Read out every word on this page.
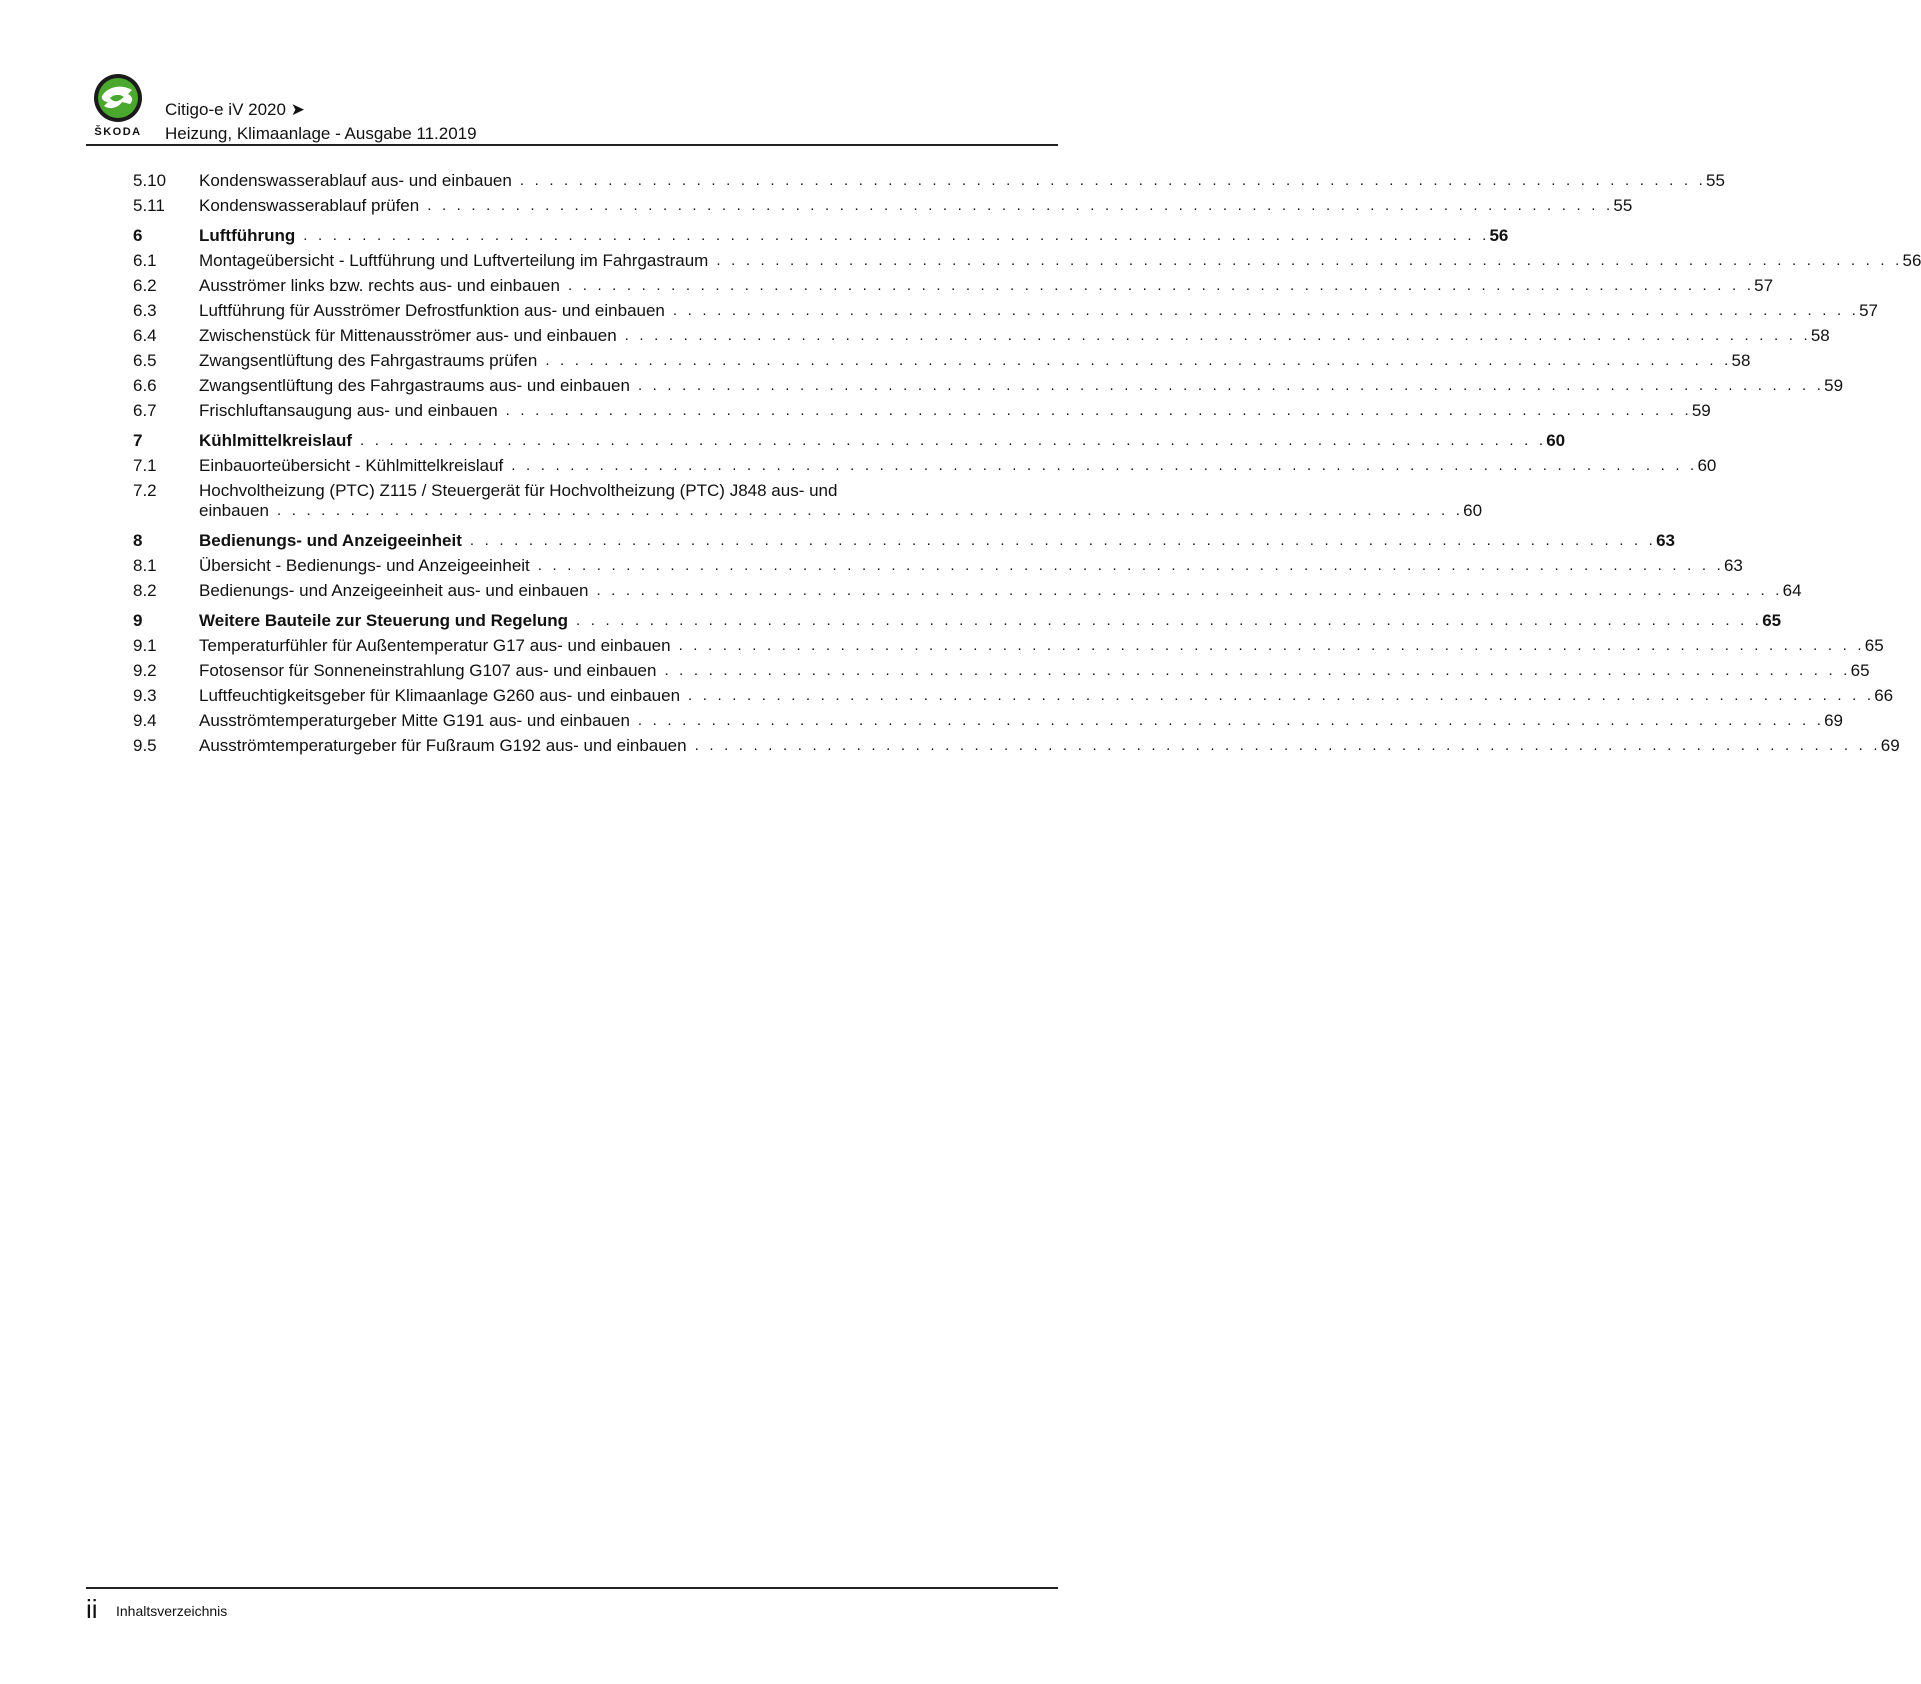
ŠKODA
Citigo-e iV 2020 ➤
Heizung, Klimaanlage - Ausgabe 11.2019
5.10 Kondenswasserablauf aus- und einbauen . . . . . . . . . . . . . . . . . . . . . . . . . . . . . . . . . . . . . . . . . . . . . . . . . . . . . . . . . . . . . . . . . . . . . . . . . . . . . . . . . 55
5.11 Kondenswasserablauf prüfen . . . . . . . . . . . . . . . . . . . . . . . . . . . . . . . . . . . . . . . . . . . . . . . . . . . . . . . . . . . . . . . . . . . . . . . . . . . . . . . . . 55
6	Luftführung . . . . . . . . . . . . . . . . . . . . . . . . . . . . . . . . . . . . . . . . . . . . . . . . . . . . . . . . . . . . . . . . . . . . . . . . . . . . . . . . . 56
6.1 Montageübersicht - Luftführung und Luftverteilung im Fahrgastraum . . . . . . . . . . . . . . . . . . . . . . . . . . . . . . . . . . . . . . . . . . . . . . . . . . . . . . . . . . . . . . . . . . . . . . . . . . . . . . . . . 56
6.2 Ausströmer links bzw. rechts aus- und einbauen . . . . . . . . . . . . . . . . . . . . . . . . . . . . . . . . . . . . . . . . . . . . . . . . . . . . . . . . . . . . . . . . . . . . . . . . . . . . . . . . . 57
6.3 Luftführung für Ausströmer Defrostfunktion aus- und einbauen . . . . . . . . . . . . . . . . . . . . . . . . . . . . . . . . . . . . . . . . . . . . . . . . . . . . . . . . . . . . . . . . . . . . . . . . . . . . . . . . . 57
6.4 Zwischenstück für Mittenausströmer aus- und einbauen . . . . . . . . . . . . . . . . . . . . . . . . . . . . . . . . . . . . . . . . . . . . . . . . . . . . . . . . . . . . . . . . . . . . . . . . . . . . . . . . . 58
6.5 Zwangsentlüftung des Fahrgastraums prüfen . . . . . . . . . . . . . . . . . . . . . . . . . . . . . . . . . . . . . . . . . . . . . . . . . . . . . . . . . . . . . . . . . . . . . . . . . . . . . . . . . 58
6.6 Zwangsentlüftung des Fahrgastraums aus- und einbauen . . . . . . . . . . . . . . . . . . . . . . . . . . . . . . . . . . . . . . . . . . . . . . . . . . . . . . . . . . . . . . . . . . . . . . . . . . . . . . . . . 59
6.7 Frischluftansaugung aus- und einbauen . . . . . . . . . . . . . . . . . . . . . . . . . . . . . . . . . . . . . . . . . . . . . . . . . . . . . . . . . . . . . . . . . . . . . . . . . . . . . . . . . 59
7	Kühlmittelkreislauf . . . . . . . . . . . . . . . . . . . . . . . . . . . . . . . . . . . . . . . . . . . . . . . . . . . . . . . . . . . . . . . . . . . . . . . . . . . . . . . . . 60
7.1 Einbauorteübersicht - Kühlmittelkreislauf . . . . . . . . . . . . . . . . . . . . . . . . . . . . . . . . . . . . . . . . . . . . . . . . . . . . . . . . . . . . . . . . . . . . . . . . . . . . . . . . . 60
7.2 Hochvoltheizung (PTC) Z115 / Steuergerät für Hochvoltheizung (PTC) J848 aus- und
einbauen . . . . . . . . . . . . . . . . . . . . . . . . . . . . . . . . . . . . . . . . . . . . . . . . . . . . . . . . . . . . . . . . . . . . . . . . . . . . . . . . . 60
8	Bedienungs- und Anzeigeeinheit . . . . . . . . . . . . . . . . . . . . . . . . . . . . . . . . . . . . . . . . . . . . . . . . . . . . . . . . . . . . . . . . . . . . . . . . . . . . . . . . . 63
8.1 Übersicht - Bedienungs- und Anzeigeeinheit . . . . . . . . . . . . . . . . . . . . . . . . . . . . . . . . . . . . . . . . . . . . . . . . . . . . . . . . . . . . . . . . . . . . . . . . . . . . . . . . . 63
8.2 Bedienungs- und Anzeigeeinheit aus- und einbauen . . . . . . . . . . . . . . . . . . . . . . . . . . . . . . . . . . . . . . . . . . . . . . . . . . . . . . . . . . . . . . . . . . . . . . . . . . . . . . . . . 64
9	Weitere Bauteile zur Steuerung und Regelung . . . . . . . . . . . . . . . . . . . . . . . . . . . . . . . . . . . . . . . . . . . . . . . . . . . . . . . . . . . . . . . . . . . . . . . . . . . . . . . . . 65
9.1 Temperaturfühler für Außentemperatur G17 aus- und einbauen . . . . . . . . . . . . . . . . . . . . . . . . . . . . . . . . . . . . . . . . . . . . . . . . . . . . . . . . . . . . . . . . . . . . . . . . . . . . . . . . . 65
9.2 Fotosensor für Sonneneinstrahlung G107 aus- und einbauen . . . . . . . . . . . . . . . . . . . . . . . . . . . . . . . . . . . . . . . . . . . . . . . . . . . . . . . . . . . . . . . . . . . . . . . . . . . . . . . . . 65
9.3 Luftfeuchtigkeitsgeber für Klimaanlage G260 aus- und einbauen . . . . . . . . . . . . . . . . . . . . . . . . . . . . . . . . . . . . . . . . . . . . . . . . . . . . . . . . . . . . . . . . . . . . . . . . . . . . . . . . . 66
9.4 Ausströmtemperaturgeber Mitte G191 aus- und einbauen . . . . . . . . . . . . . . . . . . . . . . . . . . . . . . . . . . . . . . . . . . . . . . . . . . . . . . . . . . . . . . . . . . . . . . . . . . . . . . . . . 69
9.5 Ausströmtemperaturgeber für Fußraum G192 aus- und einbauen . . . . . . . . . . . . . . . . . . . . . . . . . . . . . . . . . . . . . . . . . . . . . . . . . . . . . . . . . . . . . . . . . . . . . . . . . . . . . . . . . 69
ii Inhaltsverzeichnis
